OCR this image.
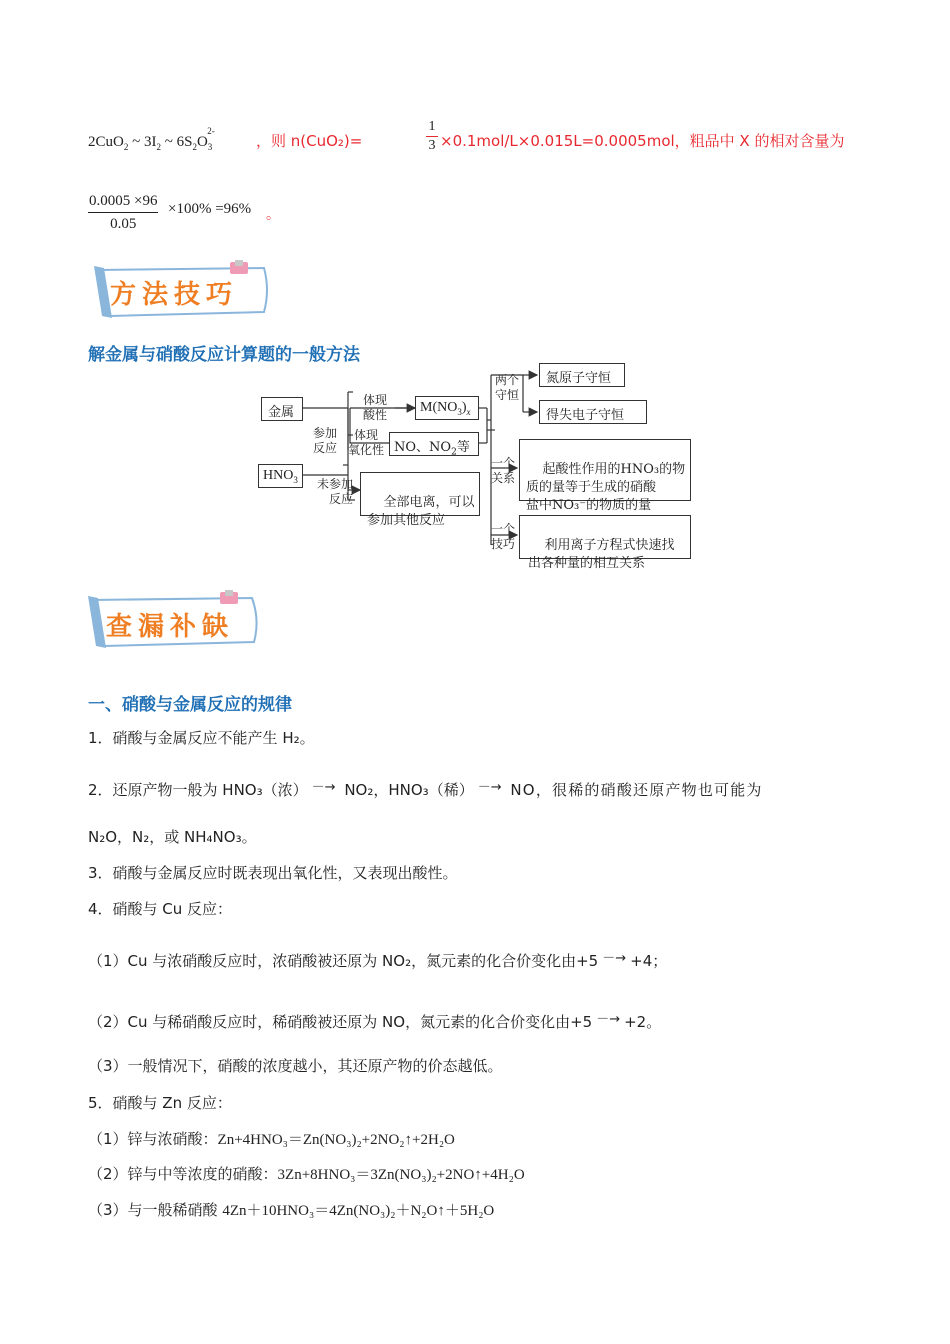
2CuO$_2$ ~ $3I_2$ ~ $6S_2O_3^{2-}$
，则 n(CuO₂)=
1
3 ×0.1mol/L×0.015L=0.0005mol，粗品中 X 的相对含量为
0.0005 ×96
0.05
×100% =96% 。
方法技巧
解金属与硝酸反应计算题的一般方法
金属
$HNO_3$
参加
反应
未参加
反应
体现
酸性
体现
氧化性
$M(NO_3)_x$
NO、$NO_2$等

全部电离，可以
参加其他反应

两个
守恒
氮原子守恒
得失电子守恒
一个
关系

起酸性作用的HNO₃的物
质的量等于生成的硝酸
盐中NO₃⁻的物质的量

一个
技巧	利用离子方程式快速找
出各种量的相互关系

查漏补缺
一、硝酸与金属反应的规律
1．硝酸与金属反应不能产生 H₂。
2．还原产物一般为 HNO₃（浓） －→ NO₂，HNO₃（稀） －→ NO，很稀的硝酸还原产物也可能为
N₂O，N₂，或 NH₄NO₃。
3．硝酸与金属反应时既表现出氧化性，又表现出酸性。
4．硝酸与 Cu 反应：
（1）Cu 与浓硝酸反应时，浓硝酸被还原为 NO₂，氮元素的化合价变化由+5 －→ +4；
（2）Cu 与稀硝酸反应时，稀硝酸被还原为 NO，氮元素的化合价变化由+5 －→ +2。
（3）一般情况下，硝酸的浓度越小，其还原产物的价态越低。
5．硝酸与 Zn 反应：
（1）锌与浓硝酸：Zn+4HNO₃＝Zn(NO₃)₂+2NO₂↑+2H₂O
（2）锌与中等浓度的硝酸：3Zn+8HNO₃＝3Zn(NO₃)₂+2NO↑+4H₂O
（3）与一般稀硝酸 4Zn＋10HNO₃＝4Zn(NO₃)₂＋N₂O↑＋5H₂O
